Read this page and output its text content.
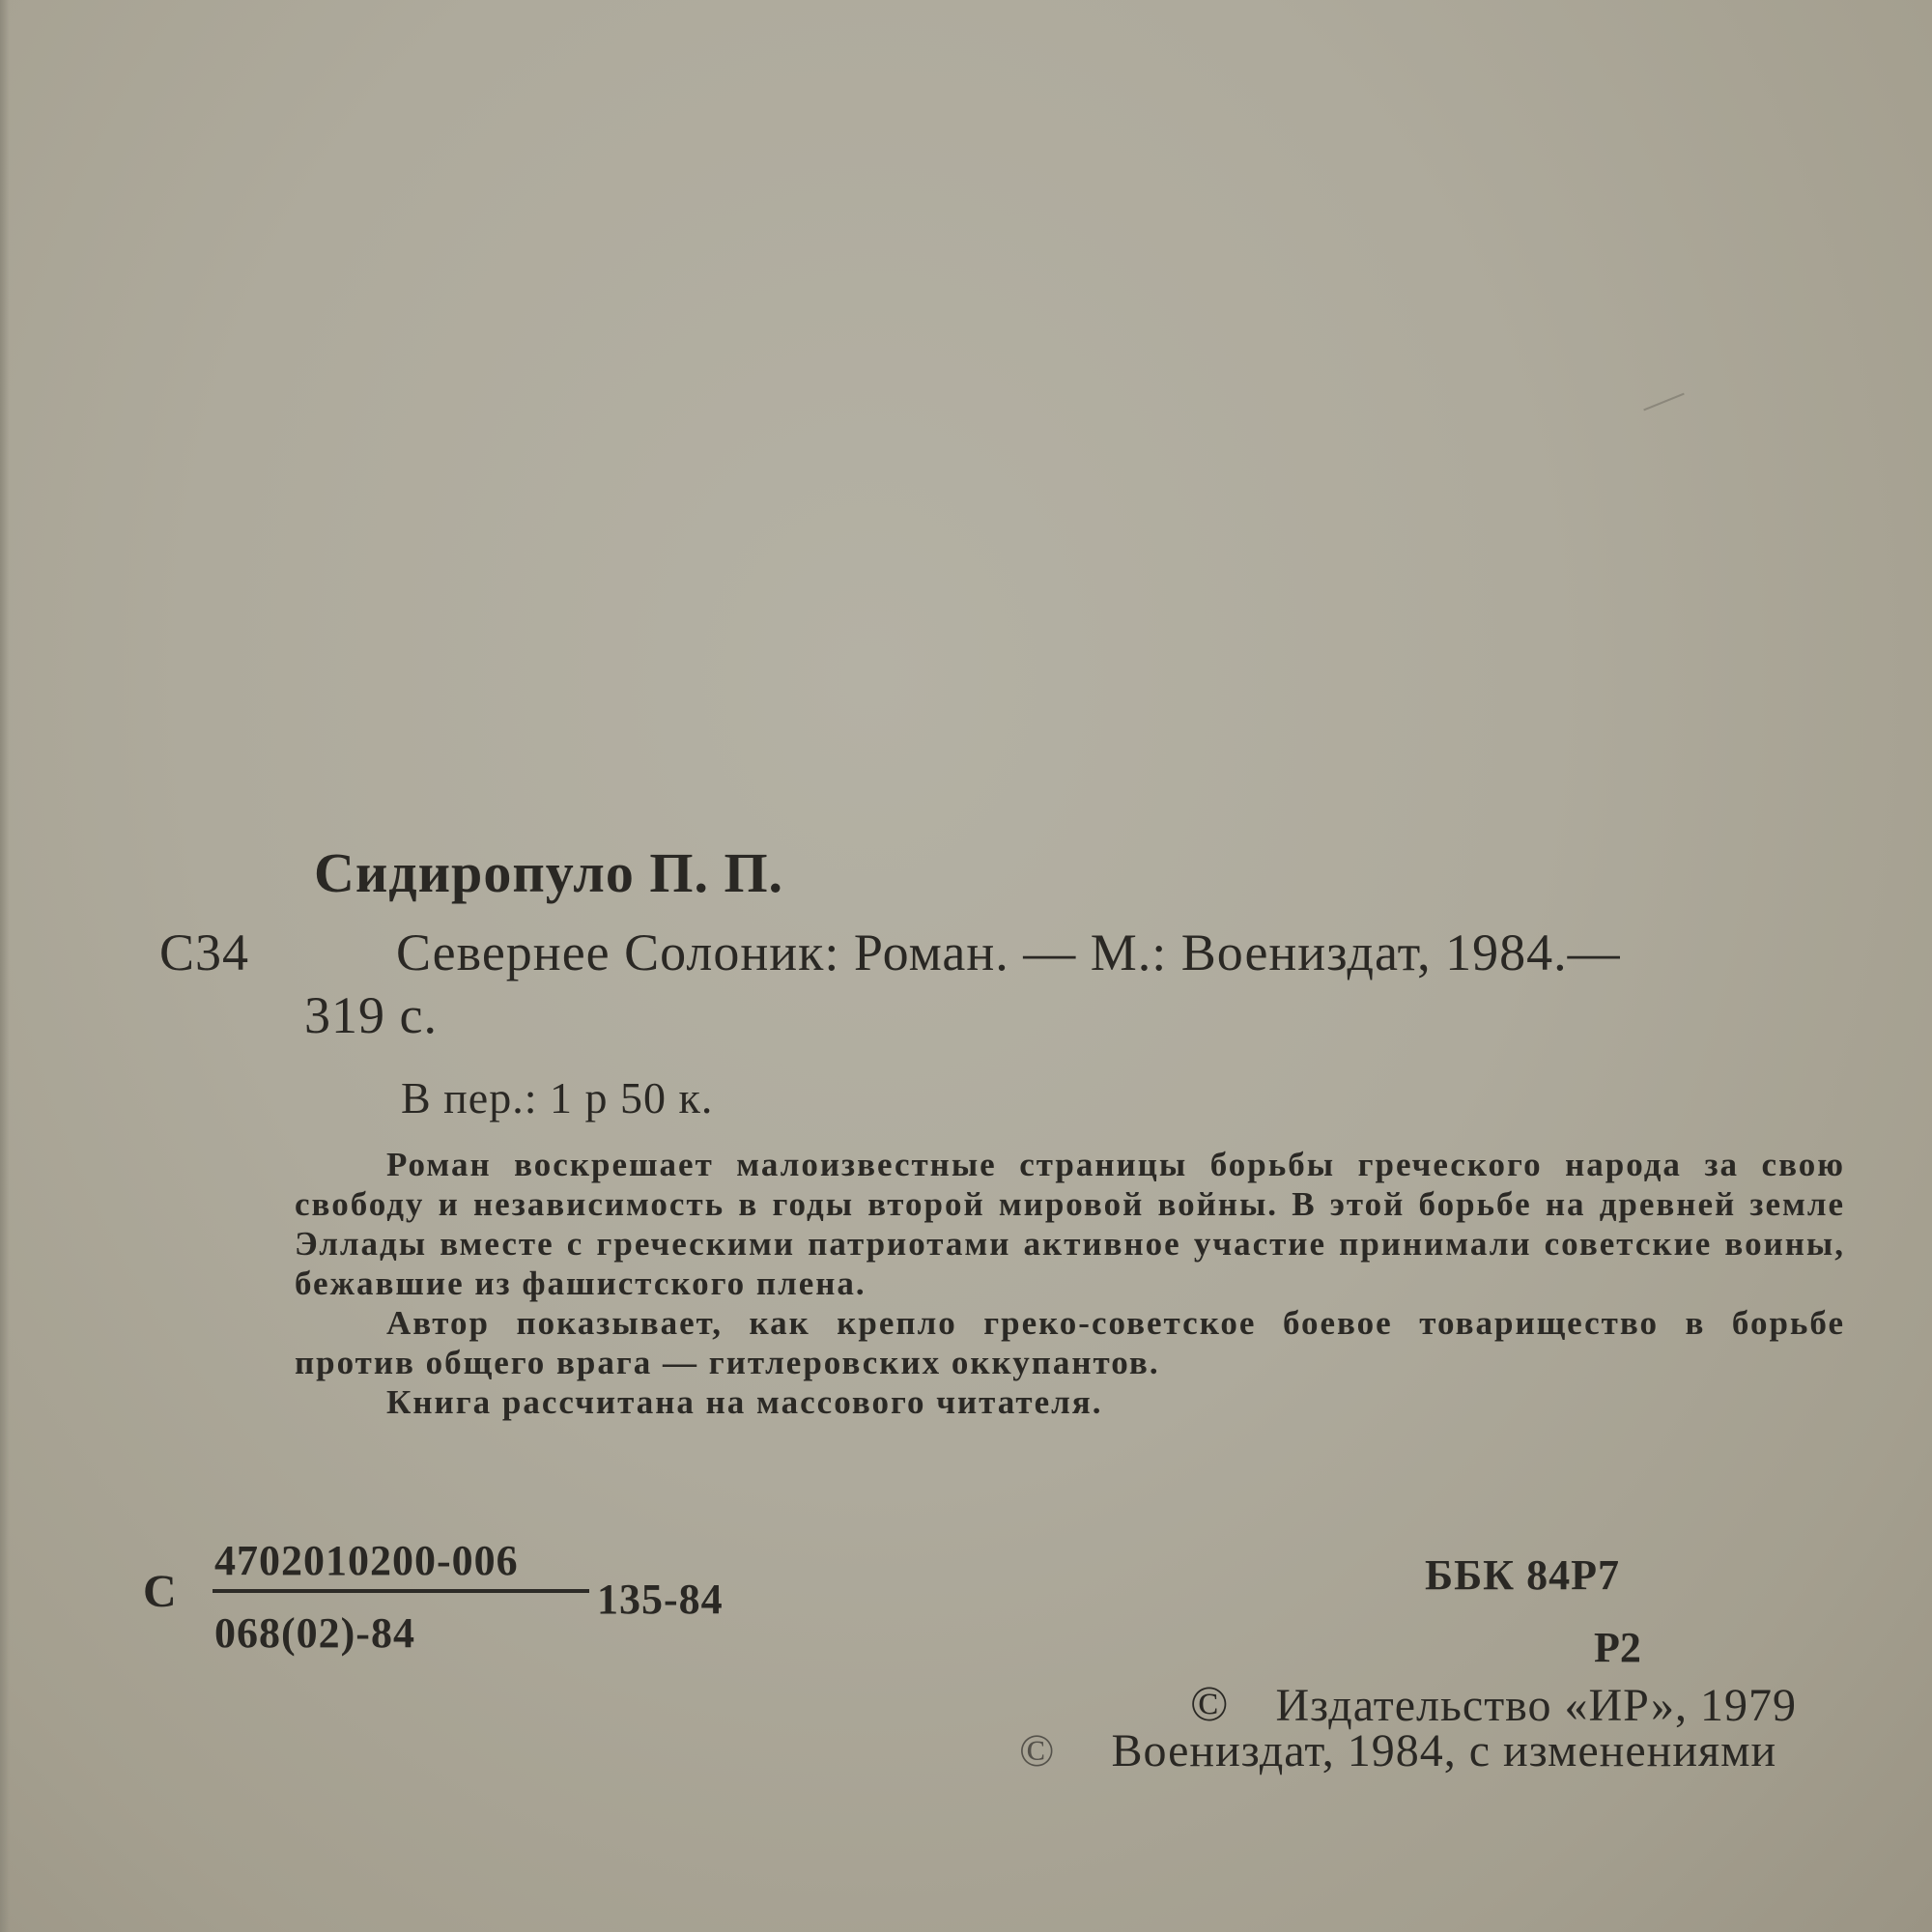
Сидиропуло П. П.
С34	Севернее Солоник: Роман. — М.: Воениздат, 1984.—
319 с.
В пер.: 1 р 50 к.

Роман воскрешает малоизвестные страницы борьбы греческого народа за свою свободу и независимость в годы второй мировой войны. В этой борьбе на древней земле Эллады вместе с греческими патриотами активное участие принимали советские воины, бежавшие из фашистского плена.

Автор показывает, как крепло греко-советское боевое товарищество в борьбе против общего врага — гитлеровских оккупантов.

Книга рассчитана на массового читателя.

С
4702010200-006
068(02)-84
135-84
ББК 84Р7
Р2
© Издательство «ИР», 1979
© Воениздат, 1984, с изменениями
